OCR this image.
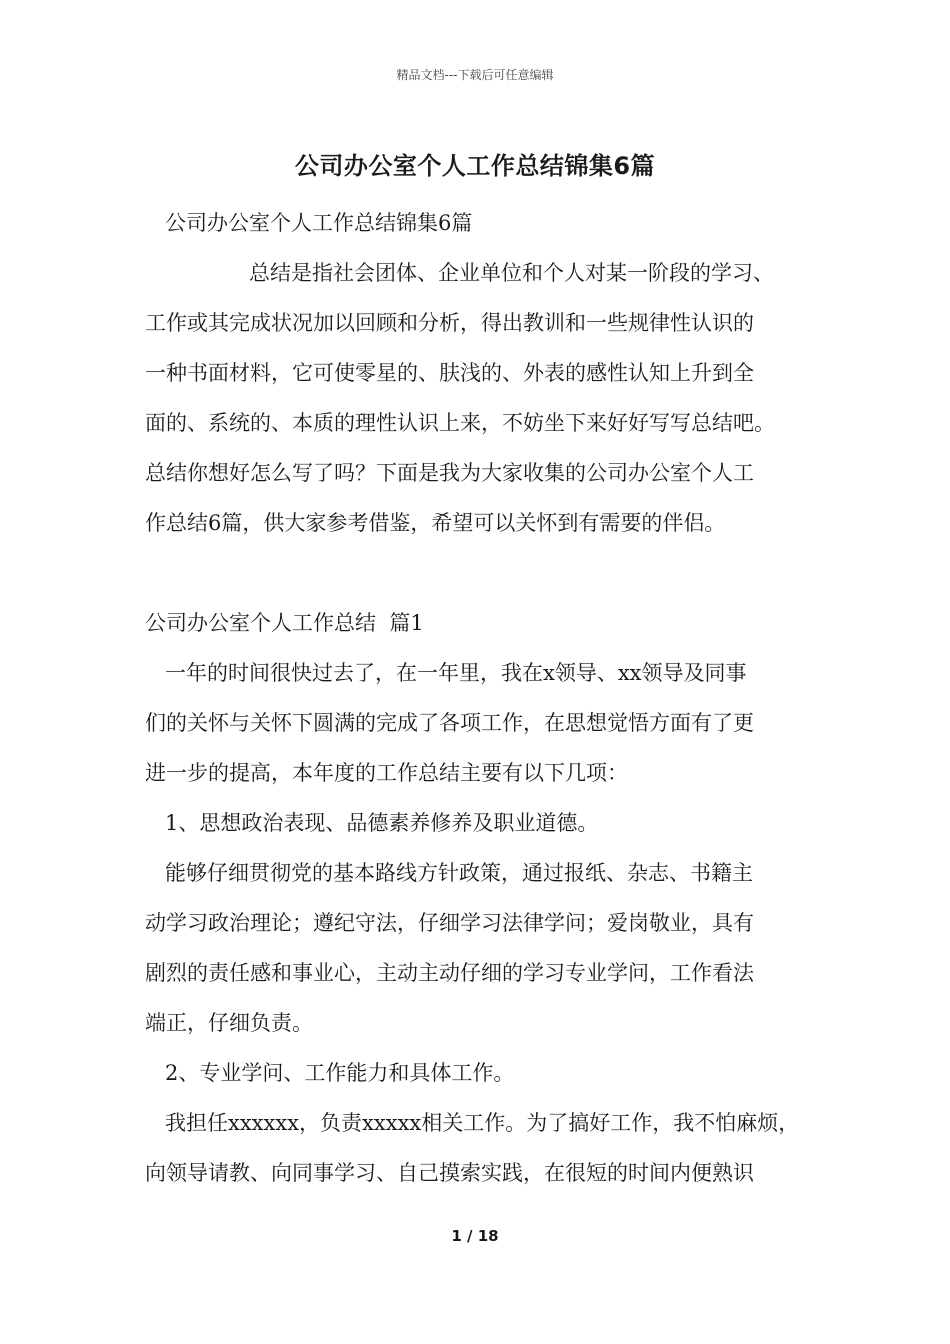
精品文档---下载后可任意编辑
公司办公室个人工作总结锦集6篇

公司办公室个人工作总结锦集6篇

总结是指社会团体、企业单位和个人对某一阶段的学习、

工作或其完成状况加以回顾和分析，得出教训和一些规律性认识的

一种书面材料，它可使零星的、肤浅的、外表的感性认知上升到全

面的、系统的、本质的理性认识上来，不妨坐下来好好写写总结吧。

总结你想好怎么写了吗？下面是我为大家收集的公司办公室个人工

作总结6篇，供大家参考借鉴，希望可以关怀到有需要的伴侣。

公司办公室个人工作总结  篇1

一年的时间很快过去了，在一年里，我在x领导、xx领导及同事

们的关怀与关怀下圆满的完成了各项工作，在思想觉悟方面有了更

进一步的提高，本年度的工作总结主要有以下几项：

1、思想政治表现、品德素养修养及职业道德。

能够仔细贯彻党的基本路线方针政策，通过报纸、杂志、书籍主

动学习政治理论；遵纪守法，仔细学习法律学问；爱岗敬业，具有

剧烈的责任感和事业心，主动主动仔细的学习专业学问，工作看法

端正，仔细负责。

2、专业学问、工作能力和具体工作。

我担任xxxxxx，负责xxxxx相关工作。为了搞好工作，我不怕麻烦，

向领导请教、向同事学习、自己摸索实践，在很短的时间内便熟识

1 / 18
